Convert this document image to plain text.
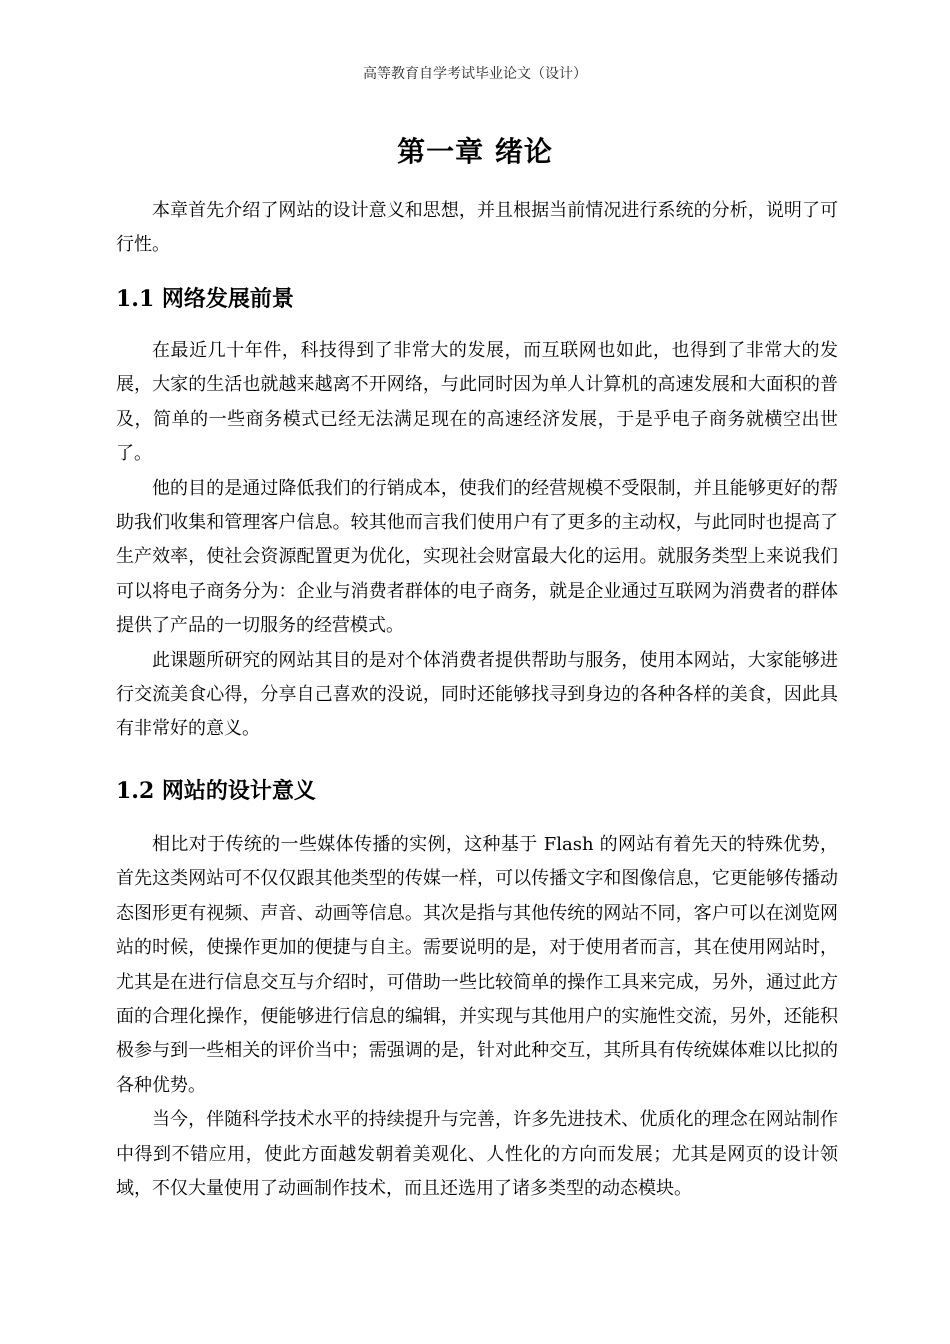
高等教育自学考试毕业论文（设计）
第一章 绪论

本章首先介绍了网站的设计意义和思想，并且根据当前情况进行系统的分析，说明了可行性。

1.1 网络发展前景

在最近几十年件，科技得到了非常大的发展，而互联网也如此，也得到了非常大的发展，大家的生活也就越来越离不开网络，与此同时因为单人计算机的高速发展和大面积的普及，简单的一些商务模式已经无法满足现在的高速经济发展，于是乎电子商务就横空出世了。

他的目的是通过降低我们的行销成本，使我们的经营规模不受限制，并且能够更好的帮助我们收集和管理客户信息。较其他而言我们使用户有了更多的主动权，与此同时也提高了生产效率，使社会资源配置更为优化，实现社会财富最大化的运用。就服务类型上来说我们可以将电子商务分为：企业与消费者群体的电子商务，就是企业通过互联网为消费者的群体提供了产品的一切服务的经营模式。

此课题所研究的网站其目的是对个体消费者提供帮助与服务，使用本网站，大家能够进行交流美食心得，分享自己喜欢的没说，同时还能够找寻到身边的各种各样的美食，因此具有非常好的意义。

1.2 网站的设计意义

相比对于传统的一些媒体传播的实例，这种基于 Flash 的网站有着先天的特殊优势，首先这类网站可不仅仅跟其他类型的传媒一样，可以传播文字和图像信息，它更能够传播动态图形更有视频、声音、动画等信息。其次是指与其他传统的网站不同，客户可以在浏览网站的时候，使操作更加的便捷与自主。需要说明的是，对于使用者而言，其在使用网站时，尤其是在进行信息交互与介绍时，可借助一些比较简单的操作工具来完成，另外，通过此方面的合理化操作，便能够进行信息的编辑，并实现与其他用户的实施性交流，另外，还能积极参与到一些相关的评价当中；需强调的是，针对此种交互，其所具有传统媒体难以比拟的各种优势。

当今，伴随科学技术水平的持续提升与完善，许多先进技术、优质化的理念在网站制作中得到不错应用，使此方面越发朝着美观化、人性化的方向而发展；尤其是网页的设计领域，不仅大量使用了动画制作技术，而且还选用了诸多类型的动态模块。
